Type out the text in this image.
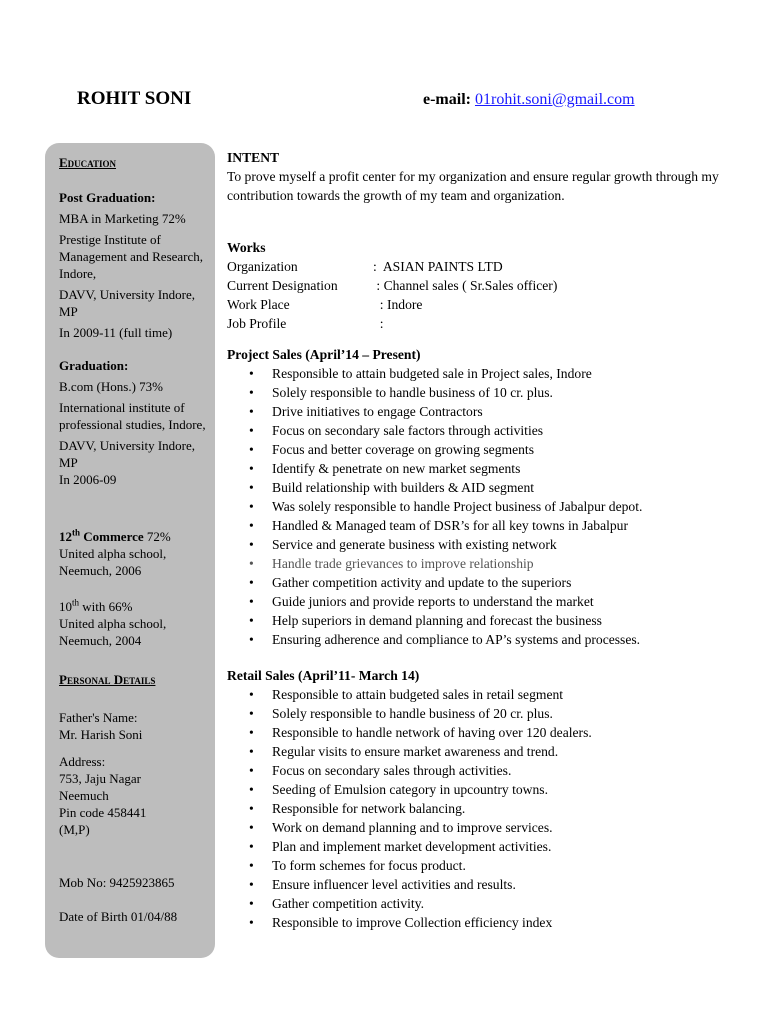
ROHIT SONI	e-mail: 01rohit.soni@gmail.com
Education
Post Graduation:
MBA in Marketing 72%
Prestige Institute of Management and Research, Indore,
DAVV, University Indore, MP
In 2009-11 (full time)
Graduation:
B.com (Hons.) 73%
International institute of professional studies, Indore,
DAVV, University Indore, MP
In 2006-09
12th Commerce 72%
United alpha school, Neemuch, 2006
10th with 66%
United alpha school, Neemuch, 2004
Personal Details
Father's Name:
Mr. Harish Soni
Address:
753, Jaju Nagar
Neemuch
Pin code 458441
(M,P)
Mob No: 9425923865
Date of Birth 01/04/88
INTENT
To prove myself a profit center for my organization and ensure regular growth through my contribution towards the growth of my team and organization.
Works
Organization	:  ASIAN PAINTS LTD
Current Designation	: Channel sales ( Sr.Sales officer)
Work Place	: Indore
Job Profile	:
Project Sales (April’14 – Present)
• Responsible to attain budgeted sale in Project sales, Indore
• Solely responsible to handle business of 10 cr. plus.
• Drive initiatives to engage Contractors
• Focus on secondary sale factors through activities
• Focus and better coverage on growing segments
• Identify & penetrate on new market segments
• Build relationship with builders & AID segment
• Was solely responsible to handle Project business of Jabalpur depot.
• Handled & Managed team of DSR’s for all key towns in Jabalpur
• Service and generate business with existing network
• Handle trade grievances to improve relationship
• Gather competition activity and update to the superiors
• Guide juniors and provide reports to understand the market
• Help superiors in demand planning and forecast the business
• Ensuring adherence and compliance to AP’s systems and processes.
Retail Sales (April’11- March 14)
• Responsible to attain budgeted sales in retail segment
• Solely responsible to handle business of 20 cr. plus.
• Responsible to handle network of having over 120 dealers.
• Regular visits to ensure market awareness and trend.
• Focus on secondary sales through activities.
• Seeding of Emulsion category in upcountry towns.
• Responsible for network balancing.
• Work on demand planning and to improve services.
• Plan and implement market development activities.
• To form schemes for focus product.
• Ensure influencer level activities and results.
• Gather competition activity.
• Responsible to improve Collection efficiency index
